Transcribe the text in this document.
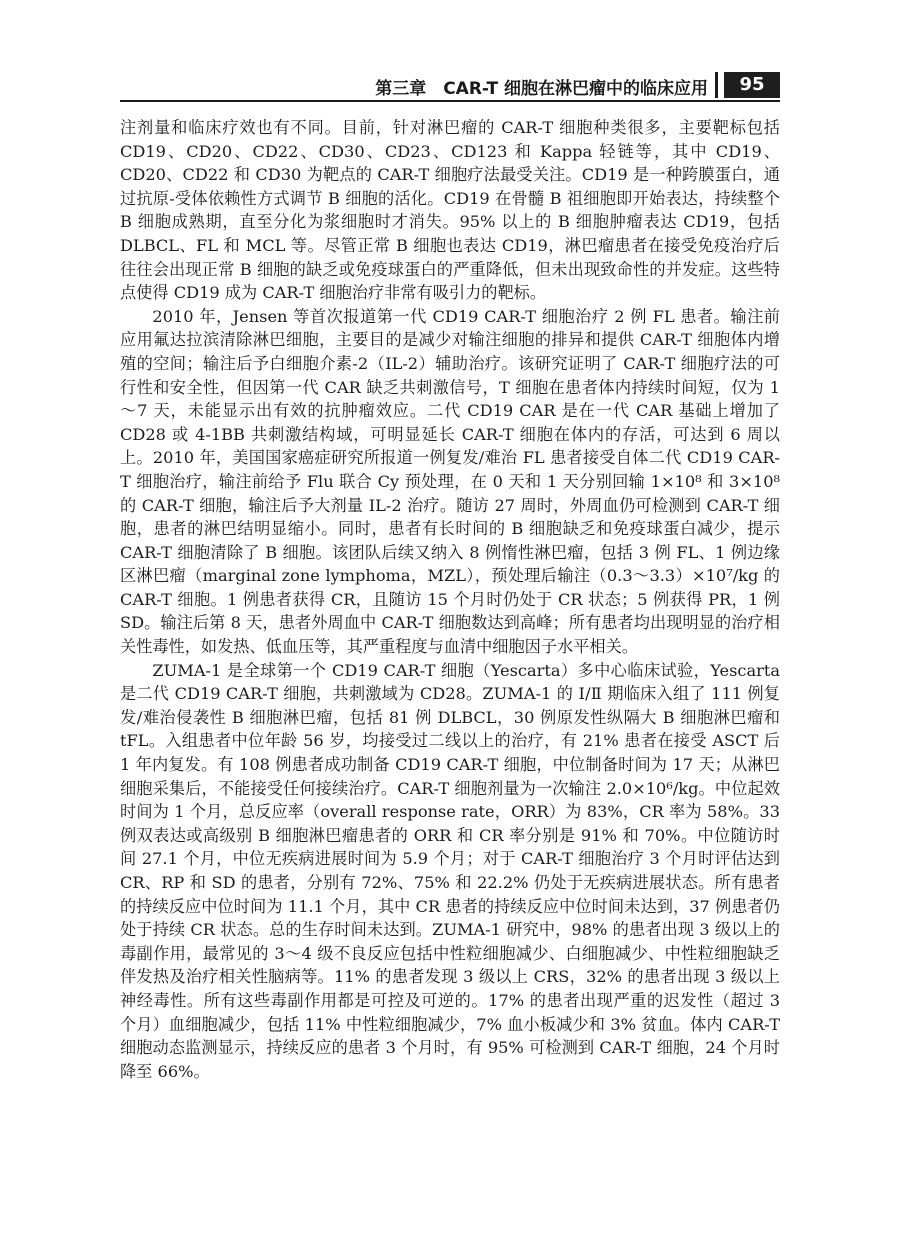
第三章　CAR-T 细胞在淋巴瘤中的临床应用	95

注剂量和临床疗效也有不同。目前，针对淋巴瘤的 CAR-T 细胞种类很多，主要靶标包括 CD19、CD20、CD22、CD30、CD23、CD123 和 Kappa 轻链等，其中 CD19、CD20、CD22 和 CD30 为靶点的 CAR-T 细胞疗法最受关注。CD19 是一种跨膜蛋白，通过抗原-受体依赖性方式调节 B 细胞的活化。CD19 在骨髓 B 祖细胞即开始表达，持续整个 B 细胞成熟期，直至分化为浆细胞时才消失。95% 以上的 B 细胞肿瘤表达 CD19，包括 DLBCL、FL 和 MCL 等。尽管正常 B 细胞也表达 CD19，淋巴瘤患者在接受免疫治疗后往往会出现正常 B 细胞的缺乏或免疫球蛋白的严重降低，但未出现致命性的并发症。这些特点使得 CD19 成为 CAR-T 细胞治疗非常有吸引力的靶标。

2010 年，Jensen 等首次报道第一代 CD19 CAR-T 细胞治疗 2 例 FL 患者。输注前应用氟达拉滨清除淋巴细胞，主要目的是减少对输注细胞的排异和提供 CAR-T 细胞体内增殖的空间；输注后予白细胞介素-2（IL-2）辅助治疗。该研究证明了 CAR-T 细胞疗法的可行性和安全性，但因第一代 CAR 缺乏共刺激信号，T 细胞在患者体内持续时间短，仅为 1～7 天，未能显示出有效的抗肿瘤效应。二代 CD19 CAR 是在一代 CAR 基础上增加了 CD28 或 4-1BB 共刺激结构域，可明显延长 CAR-T 细胞在体内的存活，可达到 6 周以上。2010 年，美国国家癌症研究所报道一例复发/难治 FL 患者接受自体二代 CD19 CAR-T 细胞治疗，输注前给予 Flu 联合 Cy 预处理，在 0 天和 1 天分别回输 1×10⁸ 和 3×10⁸ 的 CAR-T 细胞，输注后予大剂量 IL-2 治疗。随访 27 周时，外周血仍可检测到 CAR-T 细胞，患者的淋巴结明显缩小。同时，患者有长时间的 B 细胞缺乏和免疫球蛋白减少，提示 CAR-T 细胞清除了 B 细胞。该团队后续又纳入 8 例惰性淋巴瘤，包括 3 例 FL、1 例边缘区淋巴瘤（marginal zone lymphoma，MZL），预处理后输注（0.3～3.3）×10⁷/kg 的 CAR-T 细胞。1 例患者获得 CR，且随访 15 个月时仍处于 CR 状态；5 例获得 PR，1 例 SD。输注后第 8 天，患者外周血中 CAR-T 细胞数达到高峰；所有患者均出现明显的治疗相关性毒性，如发热、低血压等，其严重程度与血清中细胞因子水平相关。

ZUMA-1 是全球第一个 CD19 CAR-T 细胞（Yescarta）多中心临床试验，Yescarta 是二代 CD19 CAR-T 细胞，共刺激域为 CD28。ZUMA-1 的 Ⅰ/Ⅱ 期临床入组了 111 例复发/难治侵袭性 B 细胞淋巴瘤，包括 81 例 DLBCL，30 例原发性纵隔大 B 细胞淋巴瘤和 tFL。入组患者中位年龄 56 岁，均接受过二线以上的治疗，有 21% 患者在接受 ASCT 后 1 年内复发。有 108 例患者成功制备 CD19 CAR-T 细胞，中位制备时间为 17 天；从淋巴细胞采集后，不能接受任何接续治疗。CAR-T 细胞剂量为一次输注 2.0×10⁶/kg。中位起效时间为 1 个月，总反应率（overall response rate，ORR）为 83%，CR 率为 58%。33 例双表达或高级别 B 细胞淋巴瘤患者的 ORR 和 CR 率分别是 91% 和 70%。中位随访时间 27.1 个月，中位无疾病进展时间为 5.9 个月；对于 CAR-T 细胞治疗 3 个月时评估达到 CR、RP 和 SD 的患者，分别有 72%、75% 和 22.2% 仍处于无疾病进展状态。所有患者的持续反应中位时间为 11.1 个月，其中 CR 患者的持续反应中位时间未达到，37 例患者仍处于持续 CR 状态。总的生存时间未达到。ZUMA-1 研究中，98% 的患者出现 3 级以上的毒副作用，最常见的 3～4 级不良反应包括中性粒细胞减少、白细胞减少、中性粒细胞缺乏伴发热及治疗相关性脑病等。11% 的患者发现 3 级以上 CRS，32% 的患者出现 3 级以上神经毒性。所有这些毒副作用都是可控及可逆的。17% 的患者出现严重的迟发性（超过 3 个月）血细胞减少，包括 11% 中性粒细胞减少，7% 血小板减少和 3% 贫血。体内 CAR-T 细胞动态监测显示，持续反应的患者 3 个月时，有 95% 可检测到 CAR-T 细胞，24 个月时降至 66%。
